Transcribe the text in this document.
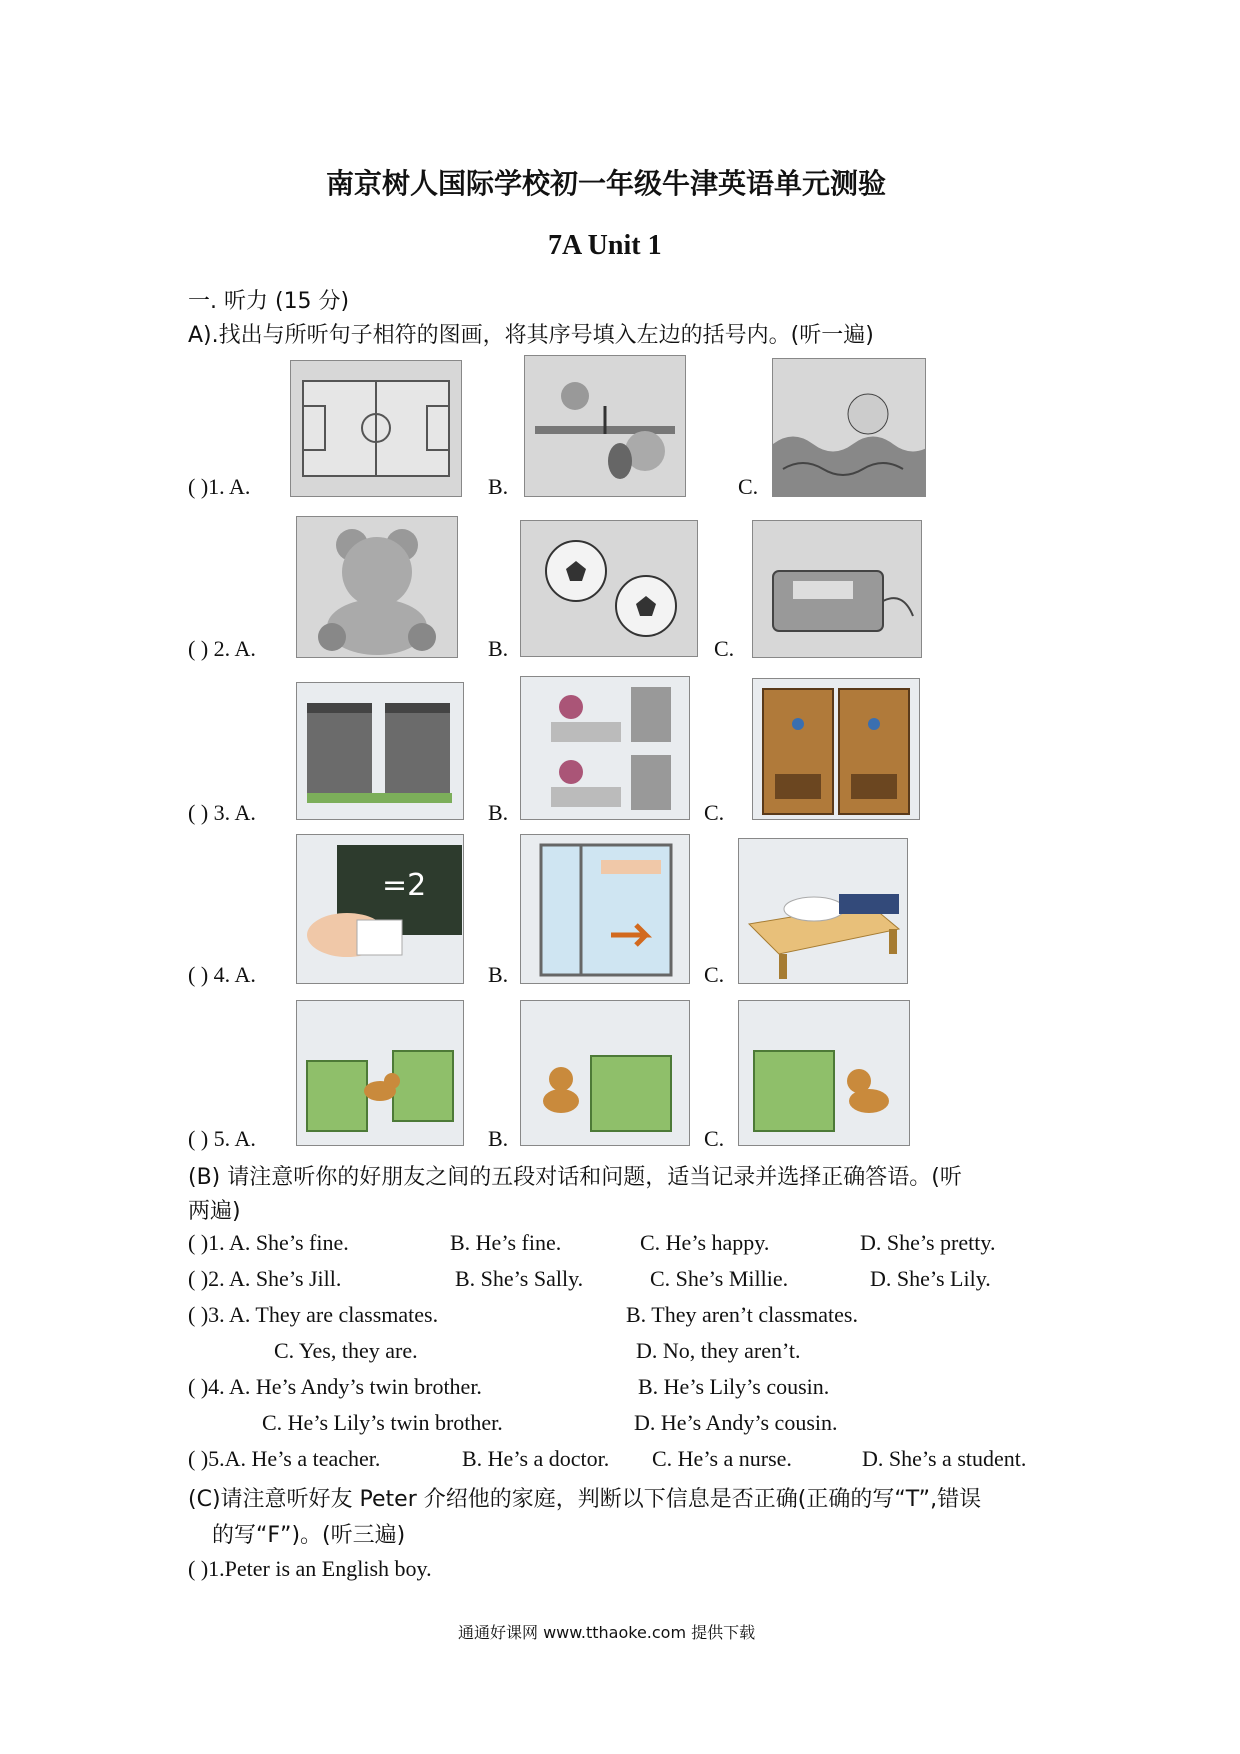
南京树人国际学校初一年级牛津英语单元测验
7A Unit 1
一. 听力 (15 分)
A).找出与所听句子相符的图画，将其序号填入左边的括号内。(听一遍)
( )1. A.	B.	C.
( ) 2. A.	B.	C.
( ) 3. A.	B.	C.
( ) 4. A.	B.	C.
=2
( ) 5. A.	B.	C.
(B) 请注意听你的好朋友之间的五段对话和问题，适当记录并选择正确答语。(听
两遍)
( )1. A. She’s fine.	B. He’s fine.	C. He’s happy.	D. She’s pretty.
( )2. A. She’s Jill.	B. She’s Sally.	C. She’s Millie.	D. She’s Lily.
( )3. A. They are classmates.	B. They aren’t classmates.
C. Yes, they are.	D. No, they aren’t.
( )4. A. He’s Andy’s twin brother.	B. He’s Lily’s cousin.
C. He’s Lily’s twin brother.	D. He’s Andy’s cousin.
( )5.A. He’s a teacher.	B. He’s a doctor. C. He’s a nurse.	D. She’s a student.
(C)请注意听好友 Peter 介绍他的家庭，判断以下信息是否正确(正确的写“T”,错误
的写“F”)。(听三遍)
( )1.Peter is an English boy.
通通好课网 www.tthaoke.com 提供下载
